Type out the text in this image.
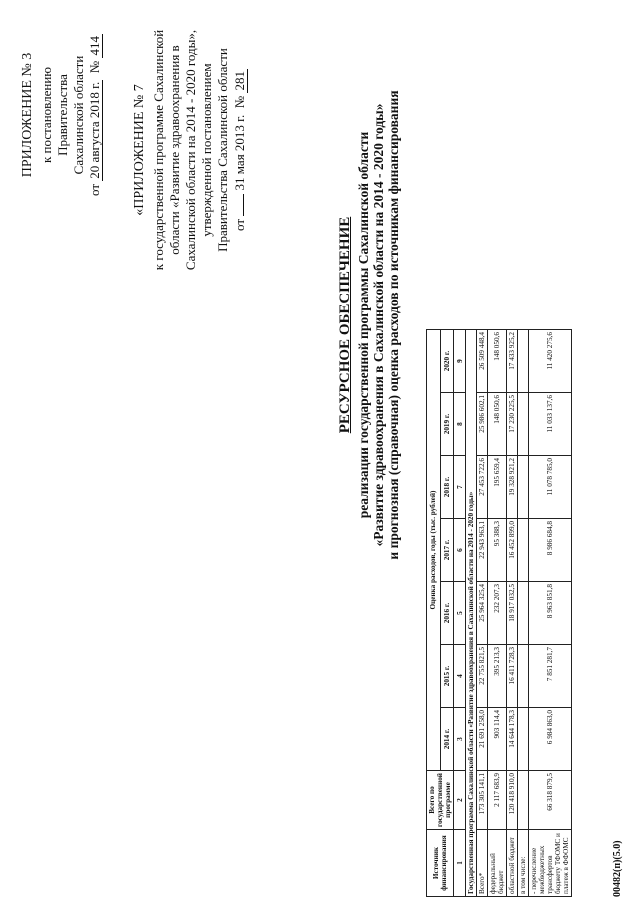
ПРИЛОЖЕНИЕ № 3 к постановлению Правительства Сахалинской области
от 20 августа 2018 г.  № 414
«ПРИЛОЖЕНИЕ № 7 к государственной программе Сахалинской области «Развитие здравоохранения в Сахалинской области на 2014 - 2020 годы», утвержденной постановлением Правительства Сахалинской области от  31 мая 2013 г.  № 281
РЕСУРСНОЕ ОБЕСПЕЧЕНИЕ реализации государственной программы Сахалинской области «Развитие здравоохранения в Сахалинской области на 2014 - 2020 годы» и прогнозная (справочная) оценка расходов по источникам финансирования
Источник финансирования	Всего по государственной программе	Оценка расходов, годы (тыс. рублей)						
		2014 г.	2015 г.	2016 г.	2017 г.	2018 г.	2019 г.	2020 г.
1	2	3	4	5	6	7	8	9
Государственная программа Сахалинской области «Развитие здравоохранения в Сахалинской области на 2014 - 2020 годы»								
Всего*	173 305 141,1	21 691 258,0	22 755 821,5	25 964 325,4	22 943 963,1	27 453 722,6	25 986 602,1	26 509 448,4
федеральный бюджет	2 117 683,9	903 114,4	395 213,3	232 207,3	95 388,3	195 659,4	148 050,6	148 050,6
областной бюджет	120 418 910,0	14 644 178,3	16 411 728,3	18 917 032,5	16 452 899,0	19 328 921,2	17 230 225,5	17 433 925,2
в том числе:								
- перечисление межбюджетных трансфертов бюджету ТФОМС и платеж в ФФОМС	66 318 879,5	6 984 863,0	7 851 281,7	8 963 851,8	8 986 684,8	11 078 785,0	11 033 137,6	11 420 275,6
00482(п)(5.0)
